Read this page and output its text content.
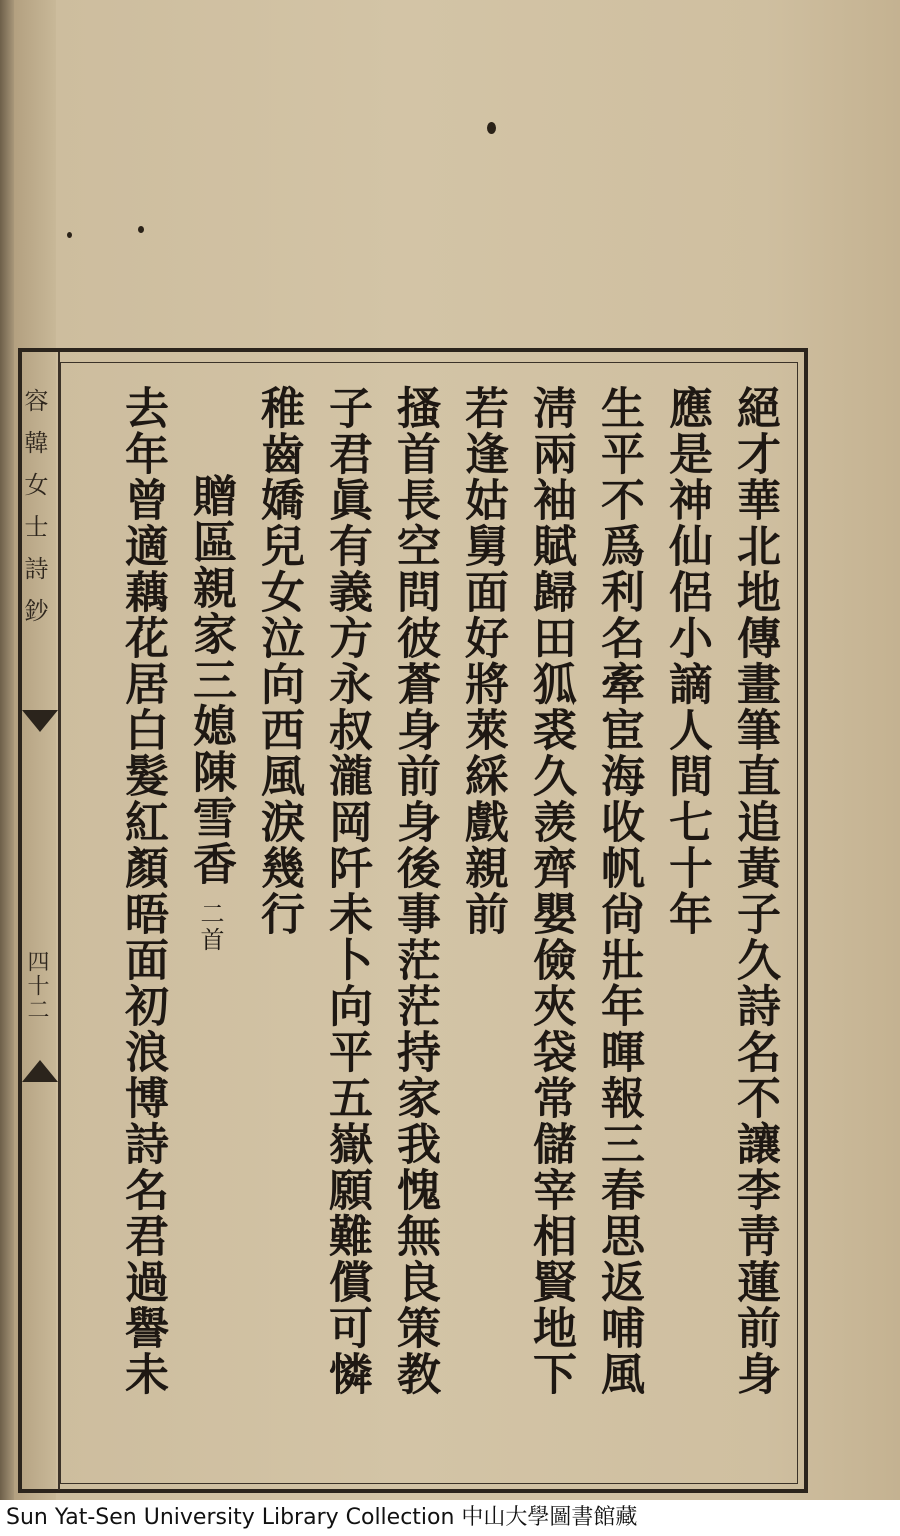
容韓女士詩鈔
四十二	絕才華北地傳畫筆直追黃子久詩名不讓李靑蓮前身
應是神仙侶小謫人間七十年
生平不爲利名牽宦海收帆尙壯年暉報三春思返哺風
淸兩袖賦歸田狐裘久羡齊嬰儉夾袋常儲宰相賢地下
若逢姑舅面好將萊綵戲親前
搔首長空問彼蒼身前身後事茫茫持家我愧無良策教
子君眞有義方永叔瀧岡阡未卜向平五嶽願難償可憐
稚齒嬌兒女泣向西風淚幾行
贈區親家三媳陳雪香二首
去年曾適藕花居白髮紅顏晤面初浪博詩名君過譽未
Sun Yat-Sen University Library Collection 中山大學圖書館藏
